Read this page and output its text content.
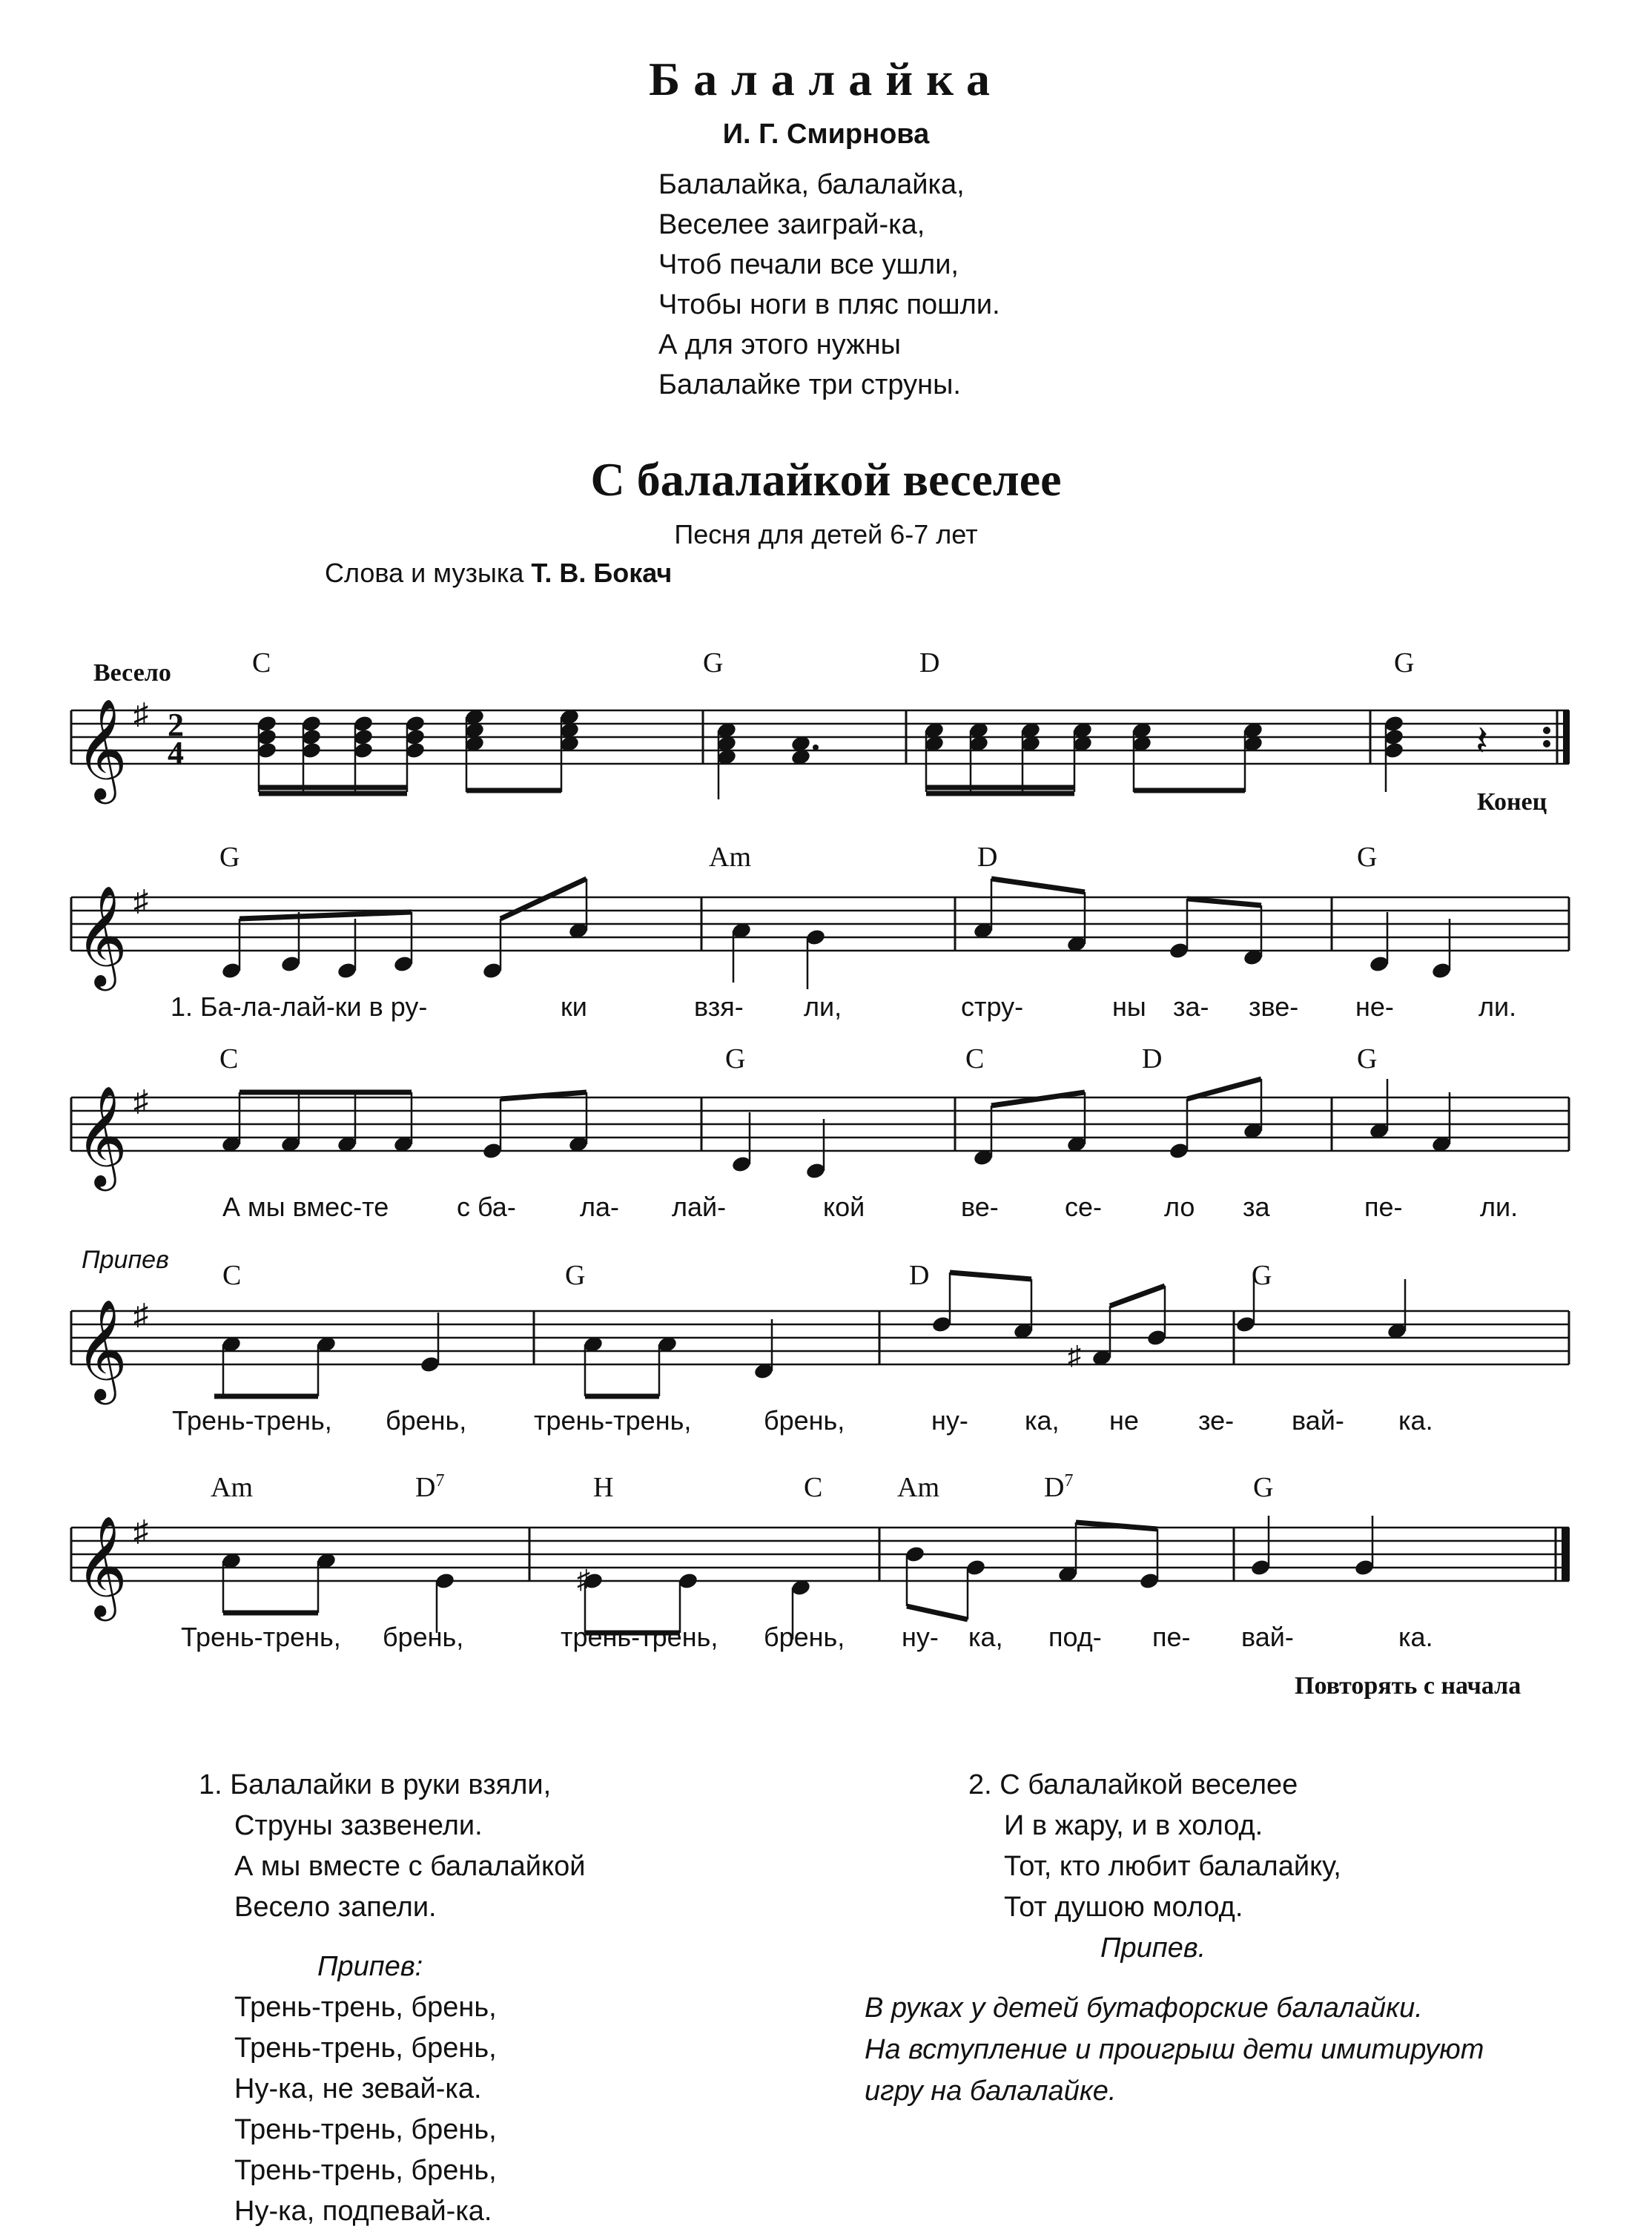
Балалайка
И. Г. Смирнова
Балалайка, балалайка,
Веселее заиграй-ка,
Чтоб печали все ушли,
Чтобы ноги в пляс пошли.
А для этого нужны
Балалайке три струны.
С балалайкой веселее
Песня для детей 6-7 лет
Слова и музыка Т. В. Бокач
𝄞 ♯ 2
4
C	G	D	G
𝄞 ♯
G	Am	D	G
1. Ба-ла-лай-ки в ру-	ки	взя- ли,	стру-	ны за- зве- не-	ли.
𝄞 ♯
C	G	C	D	G
А мы вмес-те	с ба- ла- лай-	кой	ве- се- ло за	пе-	ли.
𝄞 ♯
C	G	D	G
Трень-трень, брень,	трень-трень,	брень,	ну- ка, не зе- вай- ка.
𝄞 ♯
Am	$D^7$	H	C	Am	$D^7$	G
Трень-трень, брень,	трень-трень, брень, ну- ка, под- пе- вай-	ка.
𝄽
♯
♯
Весело
Конец
Припев
Повторять с начала
1. Балалайки в руки взяли,
Струны зазвенели.
А мы вместе с балалайкой
Весело запели.
Припев:
Трень-трень, брень,
Трень-трень, брень,
Ну-ка, не зевай-ка.
Трень-трень, брень,
Трень-трень, брень,
Ну-ка, подпевай-ка.
2. С балалайкой веселее
И в жару, и в холод.
Тот, кто любит балалайку,
Тот душою молод.
Припев.
В руках у детей бутафорские балалайки.
На вступление и проигрыш дети имитируют
игру на балалайке.
